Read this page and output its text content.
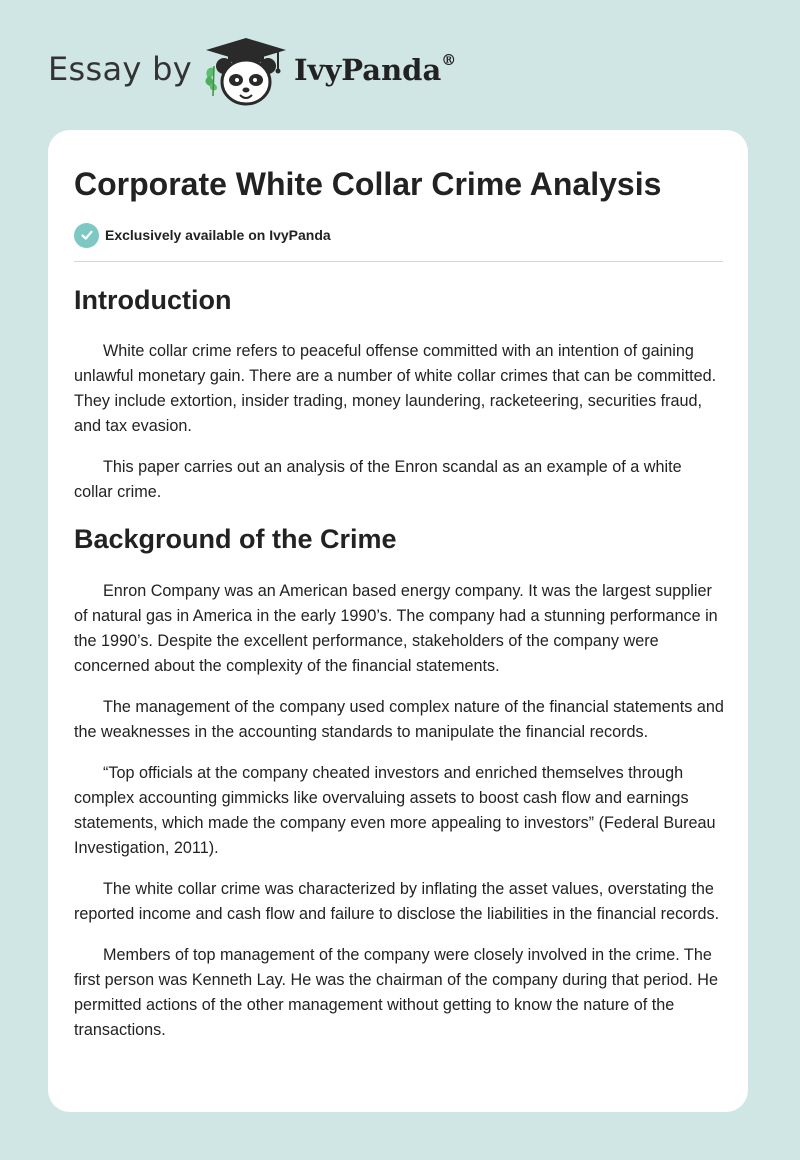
Essay by	IvyPanda®
Corporate White Collar Crime Analysis
Exclusively available on IvyPanda
Introduction

White collar crime refers to peaceful offense committed with an intention of gaining unlawful monetary gain. There are a number of white collar crimes that can be committed. They include extortion, insider trading, money laundering, racketeering, securities fraud, and tax evasion.

This paper carries out an analysis of the Enron scandal as an example of a white collar crime.

Background of the Crime

Enron Company was an American based energy company. It was the largest supplier of natural gas in America in the early 1990’s. The company had a stunning performance in the 1990’s. Despite the excellent performance, stakeholders of the company were concerned about the complexity of the financial statements.

The management of the company used complex nature of the financial statements and the weaknesses in the accounting standards to manipulate the financial records.

“Top officials at the company cheated investors and enriched themselves through complex accounting gimmicks like overvaluing assets to boost cash flow and earnings statements, which made the company even more appealing to investors” (Federal Bureau Investigation, 2011).

The white collar crime was characterized by inflating the asset values, overstating the reported income and cash flow and failure to disclose the liabilities in the financial records.

Members of top management of the company were closely involved in the crime. The first person was Kenneth Lay. He was the chairman of the company during that period. He permitted actions of the other management without getting to know the nature of the transactions.
